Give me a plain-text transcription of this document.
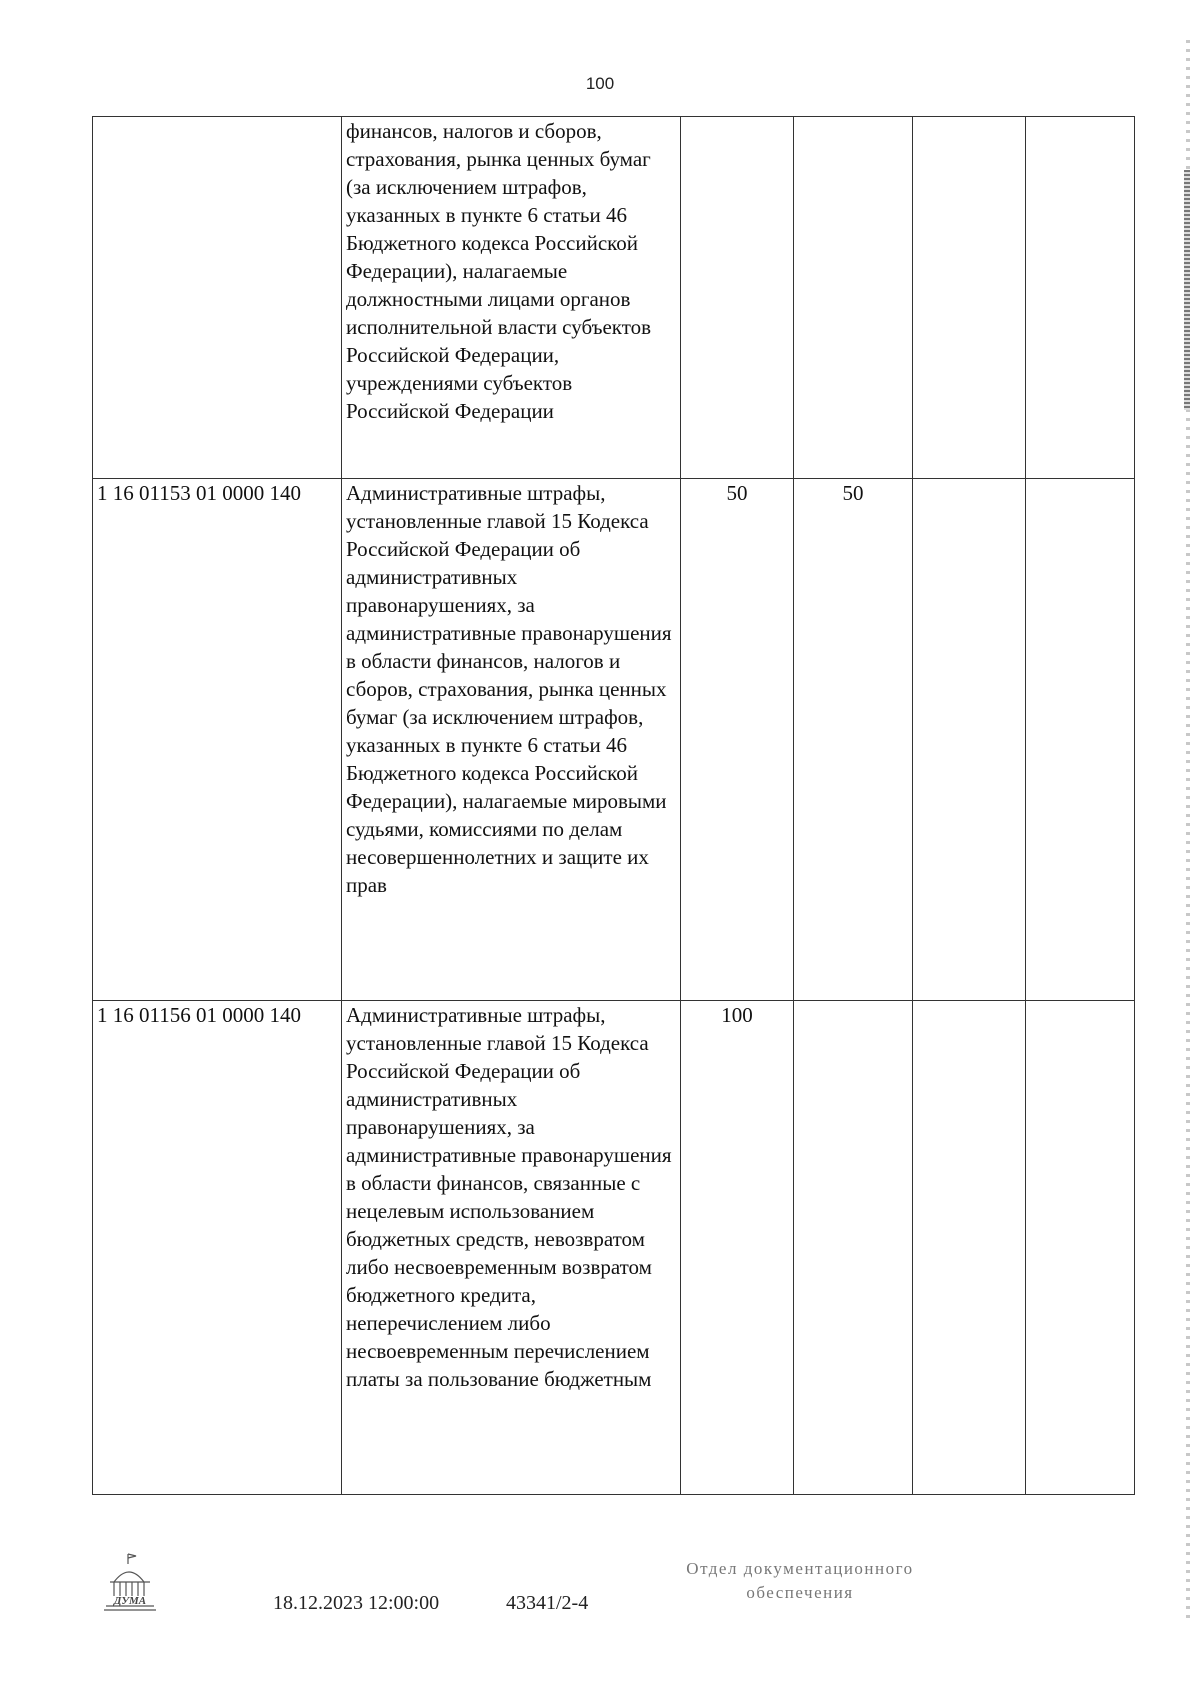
100

	финансов, налогов и сборов, страхования, рынка ценных бумаг (за исключением штрафов, указанных в пункте 6 статьи 46 Бюджетного кодекса Российской Федерации), налагаемые должностными лицами органов исполнительной власти субъектов Российской Федерации, учреждениями субъектов Российской Федерации				

1 16 01153 01 0000 140	Административные штрафы, установленные главой 15 Кодекса Российской Федерации об административных правонарушениях, за административные правонарушения в области финансов, налогов и сборов, страхования, рынка ценных бумаг (за исключением штрафов, указанных в пункте 6 статьи 46 Бюджетного кодекса Российской Федерации), налагаемые мировыми судьями, комиссиями по делам несовершеннолетних и защите их прав	50	50		
1 16 01156 01 0000 140	Административные штрафы, установленные главой 15 Кодекса Российской Федерации об административных правонарушениях, за административные правонарушения в области финансов, связанные с нецелевым использованием бюджетных средств, невозвратом либо несвоевременным возвратом бюджетного кредита, неперечислением либо несвоевременным перечислением платы за пользование бюджетным	100			
ДУМА	18.12.2023 12:00:00	43341/2-4
Отдел документационного
обеспечения
